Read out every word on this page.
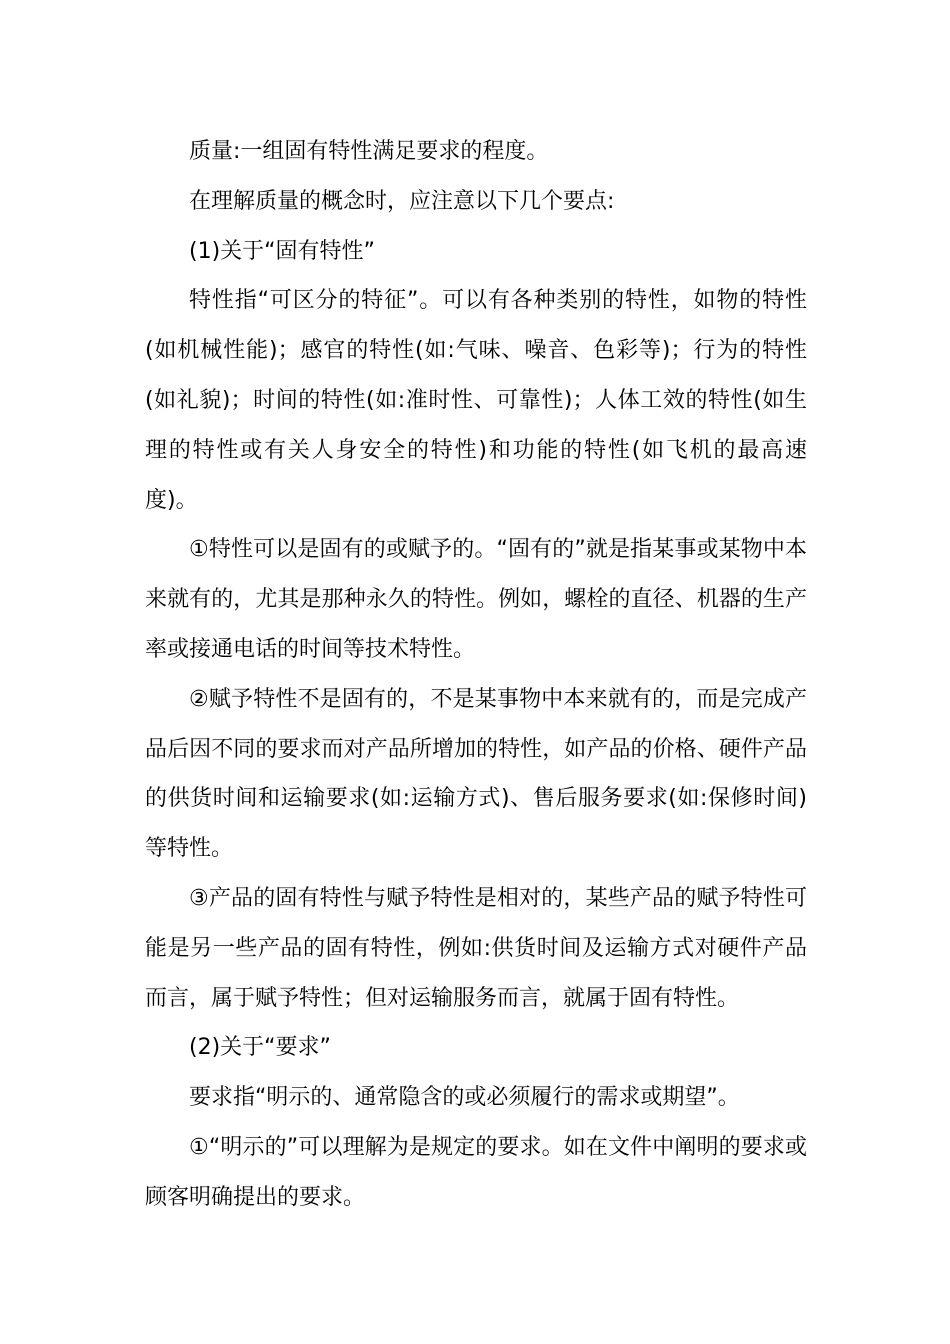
质量:一组固有特性满足要求的程度。

在理解质量的概念时，应注意以下几个要点:

(1)关于“固有特性”

特性指“可区分的特征”。可以有各种类别的特性，如物的特性(如机械性能)；感官的特性(如:气味、噪音、色彩等)；行为的特性(如礼貌)；时间的特性(如:准时性、可靠性)；人体工效的特性(如生理的特性或有关人身安全的特性)和功能的特性(如飞机的最高速度)。

①特性可以是固有的或赋予的。“固有的”就是指某事或某物中本来就有的，尤其是那种永久的特性。例如，螺栓的直径、机器的生产率或接通电话的时间等技术特性。

②赋予特性不是固有的，不是某事物中本来就有的，而是完成产品后因不同的要求而对产品所增加的特性，如产品的价格、硬件产品的供货时间和运输要求(如:运输方式)、售后服务要求(如:保修时间)等特性。

③产品的固有特性与赋予特性是相对的，某些产品的赋予特性可能是另一些产品的固有特性，例如:供货时间及运输方式对硬件产品而言，属于赋予特性；但对运输服务而言，就属于固有特性。

(2)关于“要求”

要求指“明示的、通常隐含的或必须履行的需求或期望”。

①“明示的”可以理解为是规定的要求。如在文件中阐明的要求或顾客明确提出的要求。
